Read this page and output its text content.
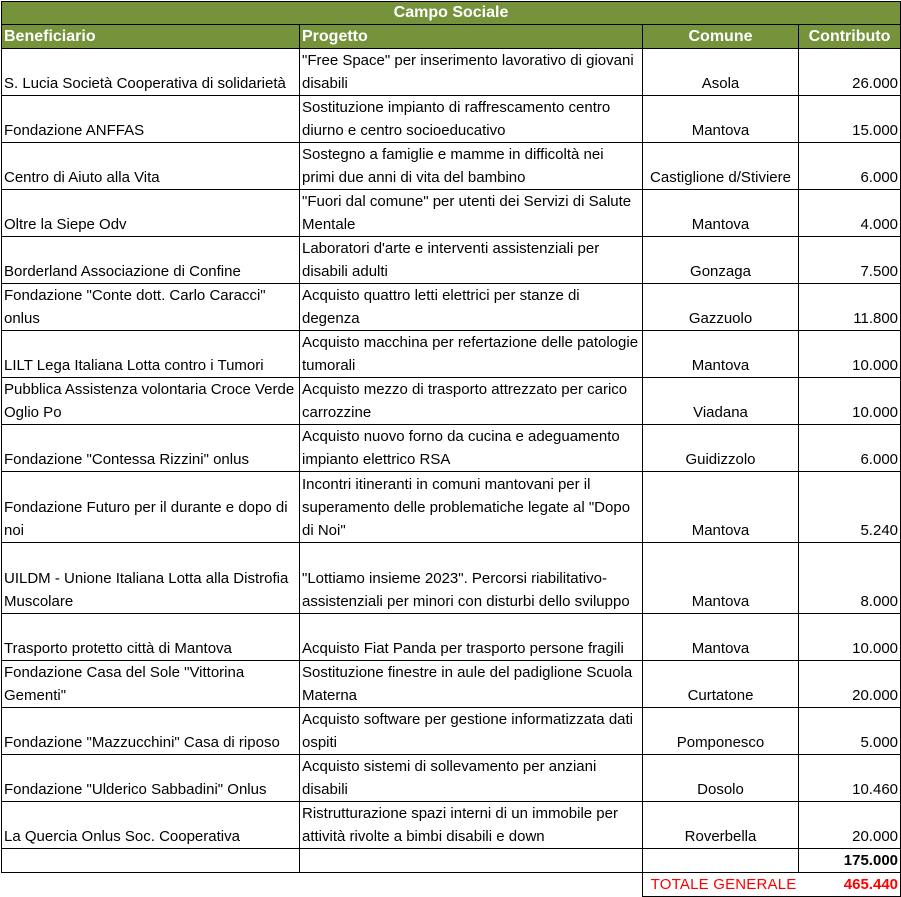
Campo Sociale			
Beneficiario	Progetto	Comune	Contributo
S. Lucia Società Cooperativa di solidarietà	"Free Space" per inserimento lavorativo di giovani disabili	Asola	26.000
Fondazione ANFFAS	Sostituzione impianto di raffrescamento centro diurno e centro socioeducativo	Mantova	15.000
Centro di Aiuto alla Vita	Sostegno a famiglie e mamme in difficoltà nei primi due anni di vita del bambino	Castiglione d/Stiviere	6.000
Oltre la Siepe Odv	"Fuori dal comune" per utenti dei Servizi di Salute Mentale	Mantova	4.000
Borderland Associazione di Confine	Laboratori d'arte e interventi assistenziali per disabili adulti	Gonzaga	7.500
Fondazione "Conte dott. Carlo Caracci" onlus	Acquisto quattro letti elettrici per stanze di degenza	Gazzuolo	11.800
LILT Lega Italiana Lotta contro i Tumori	Acquisto macchina per refertazione delle patologie tumorali	Mantova	10.000
Pubblica Assistenza volontaria Croce Verde Oglio Po	Acquisto mezzo di trasporto attrezzato per carico carrozzine	Viadana	10.000
Fondazione "Contessa Rizzini" onlus	Acquisto nuovo forno da cucina e adeguamento impianto elettrico RSA	Guidizzolo	6.000
Fondazione Futuro per il durante e dopo di noi	Incontri itineranti in comuni mantovani per il superamento delle problematiche legate al "Dopo di Noi"	Mantova	5.240
UILDM - Unione Italiana Lotta alla Distrofia Muscolare	"Lottiamo insieme 2023". Percorsi riabilitativo-assistenziali per minori con disturbi dello sviluppo	Mantova	8.000
Trasporto protetto città di Mantova	Acquisto Fiat Panda per trasporto persone fragili	Mantova	10.000
Fondazione Casa del Sole "Vittorina Gementi"	Sostituzione finestre in aule del padiglione Scuola Materna	Curtatone	20.000
Fondazione "Mazzucchini" Casa di riposo	Acquisto software per gestione informatizzata dati ospiti	Pomponesco	5.000
Fondazione "Ulderico Sabbadini" Onlus	Acquisto sistemi di sollevamento per anziani disabili	Dosolo	10.460
La Quercia Onlus Soc. Cooperativa	Ristrutturazione spazi interni di un immobile per attività rivolte a bimbi disabili e down	Roverbella	20.000
			175.000
		TOTALE GENERALE	465.440
